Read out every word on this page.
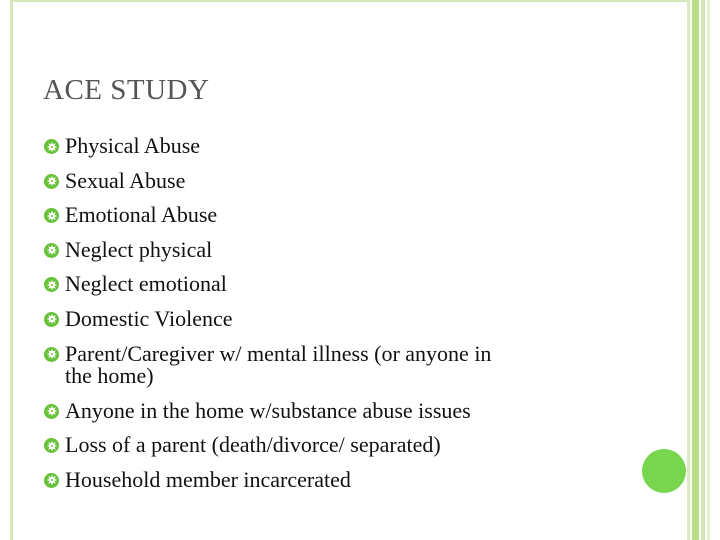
ACE STUDY
Physical Abuse
Sexual Abuse
Emotional Abuse
Neglect physical
Neglect emotional
Domestic Violence
Parent/Caregiver w/ mental illness (or anyone in
the home)
Anyone in the home w/substance abuse issues
Loss of a parent (death/divorce/ separated)
Household member incarcerated
